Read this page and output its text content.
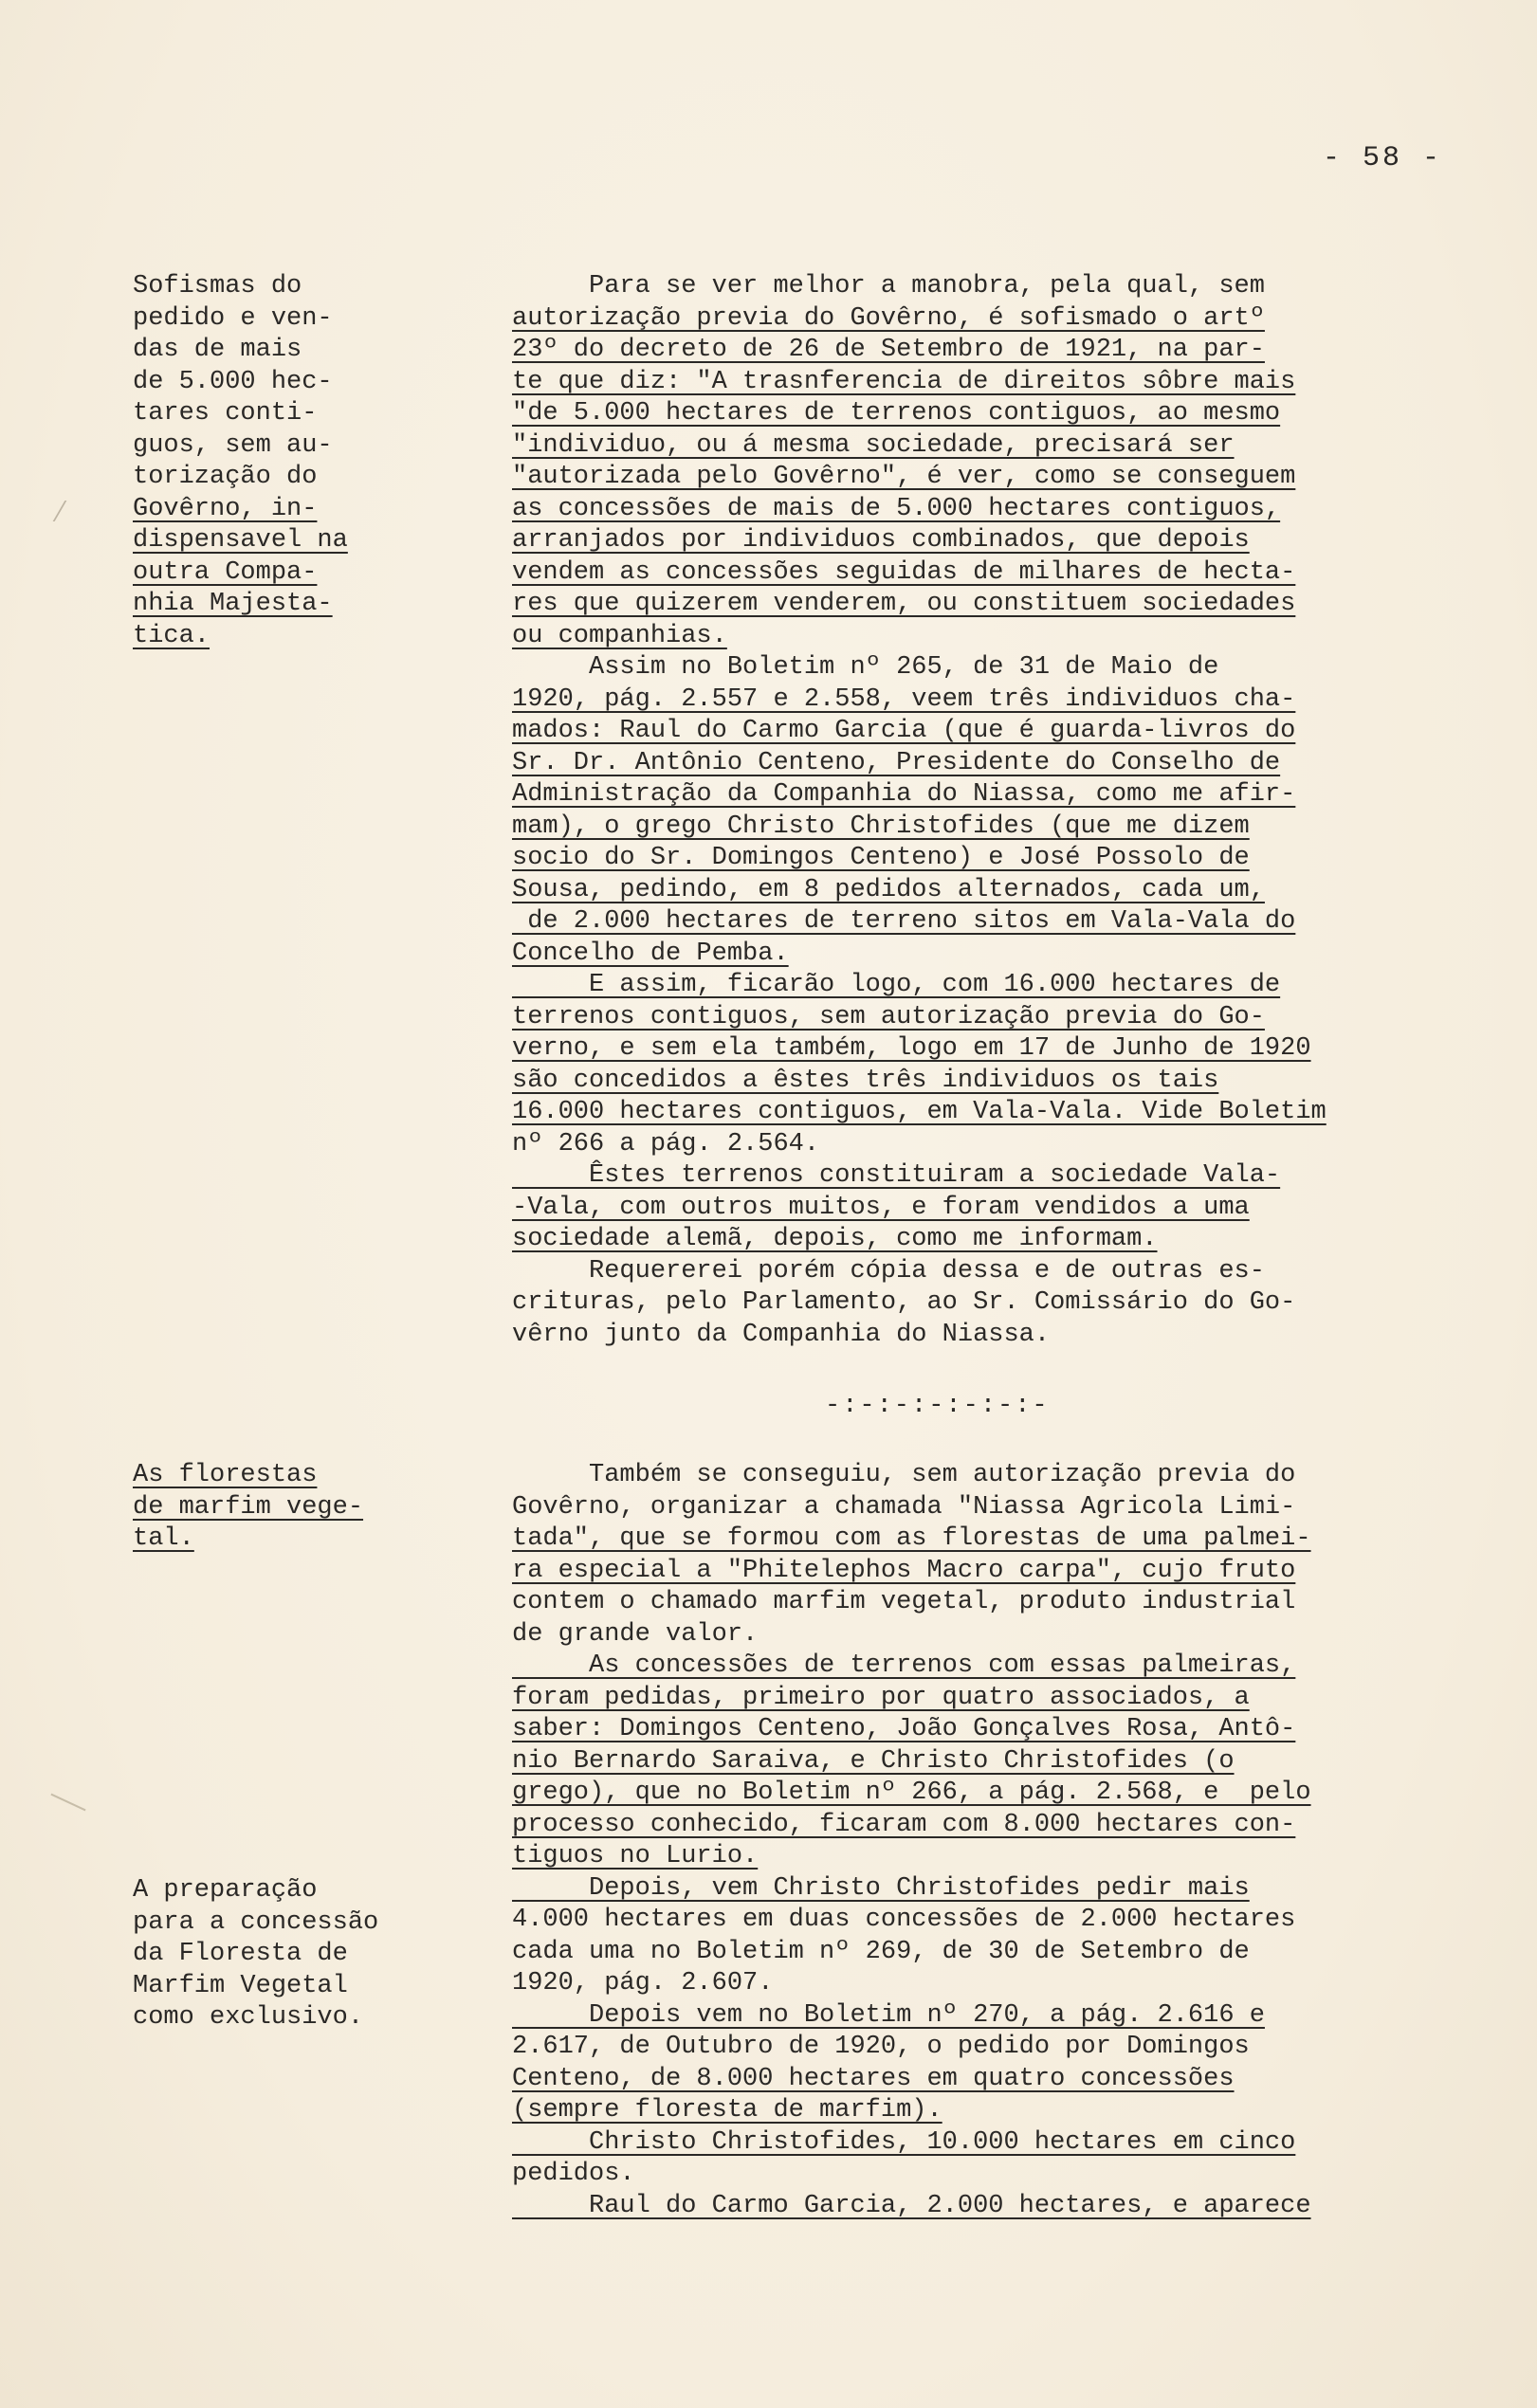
- 58 -
Sofismas do
pedido e ven-
das de mais
de 5.000 hec-
tares conti-
guos, sem au-
torização do
Govêrno, in-
dispensavel na
outra Compa-
nhia Majesta-
tica.
As florestas
de marfim vege-
tal.
A preparação
para a concessão
da Floresta de
Marfim Vegetal
como exclusivo.
Para se ver melhor a manobra, pela qual, sem
autorização previa do Govêrno, é sofismado o artº
23º do decreto de 26 de Setembro de 1921, na par-
te que diz: "A trasnferencia de direitos sôbre mais
"de 5.000 hectares de terrenos contiguos, ao mesmo
"individuo, ou á mesma sociedade, precisará ser
"autorizada pelo Govêrno", é ver, como se conseguem
as concessões de mais de 5.000 hectares contiguos,
arranjados por individuos combinados, que depois
vendem as concessões seguidas de milhares de hecta-
res que quizerem venderem, ou constituem sociedades
ou companhias.
Assim no Boletim nº 265, de 31 de Maio de
1920, pág. 2.557 e 2.558, veem três individuos cha-
mados: Raul do Carmo Garcia (que é guarda-livros do
Sr. Dr. Antônio Centeno, Presidente do Conselho de
Administração da Companhia do Niassa, como me afir-
mam), o grego Christo Christofides (que me dizem
socio do Sr. Domingos Centeno) e José Possolo de
Sousa, pedindo, em 8 pedidos alternados, cada um,
de 2.000 hectares de terreno sitos em Vala-Vala do
Concelho de Pemba.
E assim, ficarão logo, com 16.000 hectares de
terrenos contiguos, sem autorização previa do Go-
verno, e sem ela também, logo em 17 de Junho de 1920
são concedidos a êstes três individuos os tais
16.000 hectares contiguos, em Vala-Vala. Vide Boletim
nº 266 a pág. 2.564.
Êstes terrenos constituiram a sociedade Vala-
-Vala, com outros muitos, e foram vendidos a uma
sociedade alemã, depois, como me informam.
Requererei porém cópia dessa e de outras es-
crituras, pelo Parlamento, ao Sr. Comissário do Go-
vêrno junto da Companhia do Niassa.
-:-:-:-:-:-:-
Também se conseguiu, sem autorização previa do
Govêrno, organizar a chamada "Niassa Agricola Limi-
tada", que se formou com as florestas de uma palmei-
ra especial a "Phitelephos Macro carpa", cujo fruto
contem o chamado marfim vegetal, produto industrial
de grande valor.
As concessões de terrenos com essas palmeiras,
foram pedidas, primeiro por quatro associados, a
saber: Domingos Centeno, João Gonçalves Rosa, Antô-
nio Bernardo Saraiva, e Christo Christofides (o
grego), que no Boletim nº 266, a pág. 2.568, e  pelo
processo conhecido, ficaram com 8.000 hectares con-
tiguos no Lurio.
Depois, vem Christo Christofides pedir mais
4.000 hectares em duas concessões de 2.000 hectares
cada uma no Boletim nº 269, de 30 de Setembro de
1920, pág. 2.607.
Depois vem no Boletim nº 270, a pág. 2.616 e
2.617, de Outubro de 1920, o pedido por Domingos
Centeno, de 8.000 hectares em quatro concessões
(sempre floresta de marfim).
Christo Christofides, 10.000 hectares em cinco
pedidos.
Raul do Carmo Garcia, 2.000 hectares, e aparece
